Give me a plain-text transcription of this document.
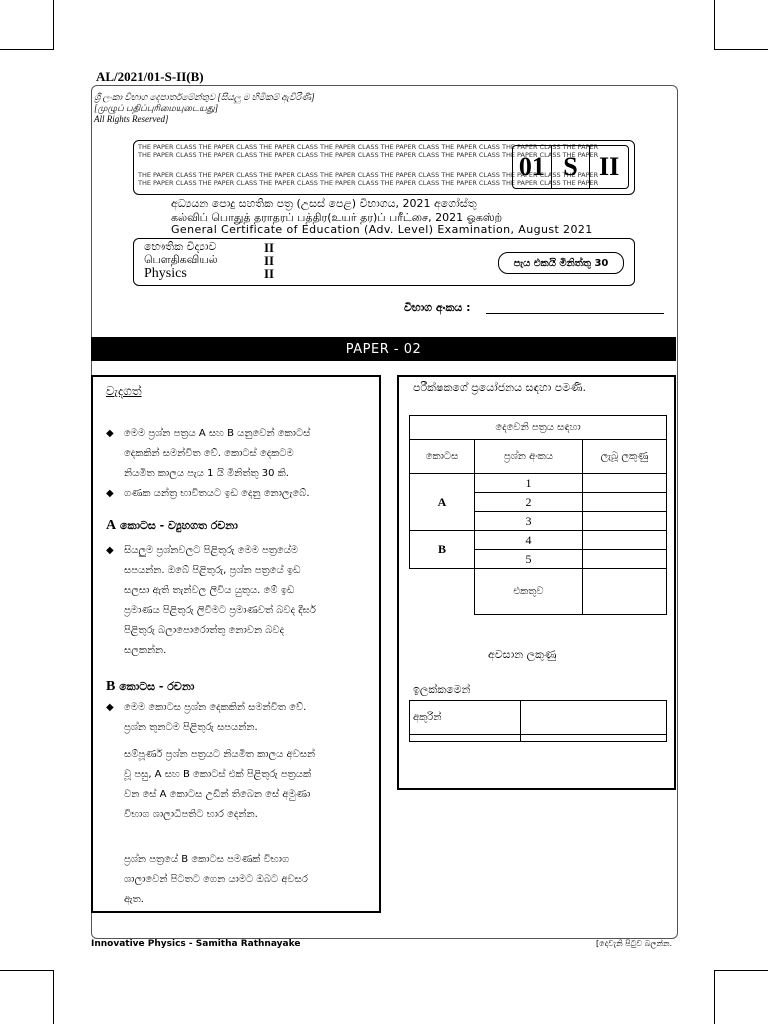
AL/2021/01-S-II(B)
ශ්‍රී ලංකා විභාග දෙපාර්තමේන්තුව [සියලු ම හිමිකම් ඇවිරිණි]
[முழுப் பதிப்புரிமையுடையது]
All Rights Reserved]
THE PAPER CLASS THE PAPER CLASS THE PAPER CLASS THE PAPER CLASS THE PAPER CLASS THE PAPER CLASS THE PAPER CLASS THE PAPER
THE PAPER CLASS THE PAPER CLASS THE PAPER CLASS THE PAPER CLASS THE PAPER CLASS THE PAPER CLASS THE PAPER CLASS THE PAPER
THE PAPER CLASS THE PAPER CLASS THE PAPER CLASS THE PAPER CLASS THE PAPER CLASS THE PAPER CLASS THE PAPER CLASS THE PAPER
THE PAPER CLASS THE PAPER CLASS THE PAPER CLASS THE PAPER CLASS THE PAPER CLASS THE PAPER CLASS THE PAPER CLASS THE PAPER
01 S II
අධ්‍යයන පොදු සහතික පත්‍ර (උසස් පෙළ) විභාගය, 2021 අගෝස්තු
கல்விப் பொதுத் தராதரப் பத்திர(உயர் தர)ப் பரீட்சை, 2021 ஓகஸ்ற்
General Certificate of Education (Adv. Level) Examination, August 2021
භෞතික විද්‍යාව	II
பௌதிகவியல்	II
Physics	II
පැය එකයි මිනිත්තු 30
විභාග අංකය :
PAPER - 02
වැදගත්
◆ මෙම ප්‍රශ්න පත්‍රය A සහ B යනුවෙන් කොටස්
දෙකකින් සමන්විත වේ. කොටස් දෙකටම
නියමිත කාලය පැය 1 යි මිනිත්තු 30 කි.
◆ ගණක යන්ත්‍ර භාවිතයට ඉඩ දෙනු නොලැබේ.
A කොටස - ව්‍යුහගත රචනා
◆ සියලුම ප්‍රශ්නවලට පිළිතුරු මෙම පත්‍රයේම
සපයන්න. ඔබේ පිළිතුරු, ප්‍රශ්න පත්‍රයේ ඉඩ
සලසා ඇති තැන්වල ලිවිය යුතුය. මේ ඉඩ
ප්‍රමාණය පිළිතුරු ලිවීමට ප්‍රමාණවත් බවද දීර්ඝ
පිළිතුරු බලාපොරොත්තු නොවන බවද
සලකන්න.
B කොටස - රචනා
◆ මෙම කොටස ප්‍රශ්න දෙකකින් සමන්විත වේ.
ප්‍රශ්න තුනටම පිළිතුරු සපයන්න.
සම්පූර්ණ ප්‍රශ්න පත්‍රයට නියමිත කාලය අවසන්
වූ පසු, A සහ B කොටස් එක් පිළිතුරු පත්‍රයක්
වන සේ A කොටස උඩින් තිබෙන සේ අමුණා
විභාග ශාලාධිපතිට භාර දෙන්න.
ප්‍රශ්න පත්‍රයේ B කොටස පමණක් විභාග
ශාලාවෙන් පිටතට ගෙන යාමට ඔබට අවසර
ඇත.
පරීක්ෂකගේ ප්‍රයෝජනය සඳහා පමණි.
දෙවෙනි පත්‍රය සඳහා		
කොටස	ප්‍රශ්න අංකය	ලැබූ ලකුණු
A	1	
	2	
	3	
B	4	
	5	
	එකතුව	
අවසාන ලකුණු
ඉලක්කමෙන්
අකුරින්	

Innovative Physics - Samitha Rathnayake	[දෙවැනි පිටුව බලන්න.
